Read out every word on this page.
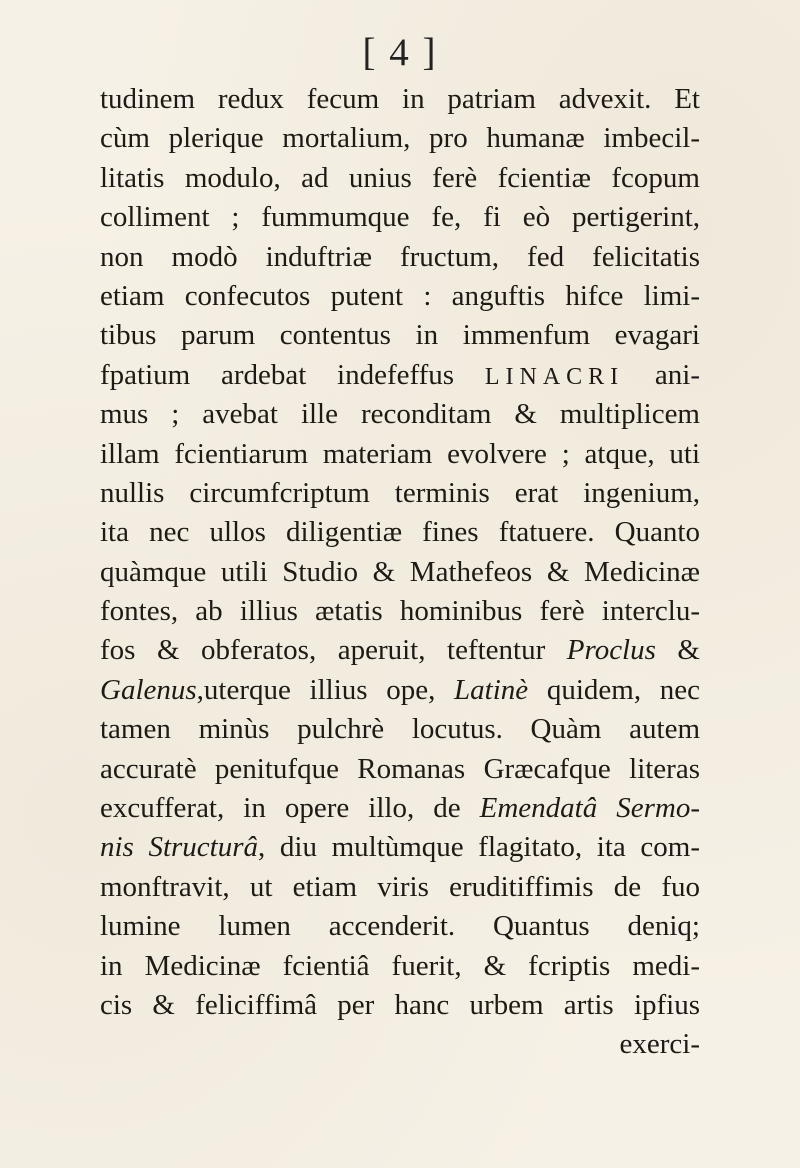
[ 4 ]
tudinem redux fecum in patriam advexit. Et
cùm plerique mortalium, pro humanæ imbecil-
litatis modulo, ad unius ferè fcientiæ fcopum
colliment ; fummumque fe, fi eò pertigerint,
non modò induftriæ fructum, fed felicitatis
etiam confecutos putent : anguftis hifce limi-
tibus parum contentus in immenfum evagari
fpatium ardebat indefeffus LINACRI ani-
mus ; avebat ille reconditam & multiplicem
illam fcientiarum materiam evolvere ; atque, uti
nullis circumfcriptum terminis erat ingenium,
ita nec ullos diligentiæ fines ftatuere. Quanto
quàmque utili Studio & Mathefeos & Medicinæ
fontes, ab illius ætatis hominibus ferè interclu-
fos & obferatos, aperuit, teftentur Proclus &
Galenus,uterque illius ope, Latinè quidem, nec
tamen minùs pulchrè locutus. Quàm autem
accuratè penitufque Romanas Græcafque literas
excufferat, in opere illo, de Emendatâ Sermo-
nis Structurâ, diu multùmque flagitato, ita com-
monftravit, ut etiam viris eruditiffimis de fuo
lumine lumen accenderit. Quantus deniq;
in Medicinæ fcientiâ fuerit, & fcriptis medi-
cis & feliciffimâ per hanc urbem artis ipfius
exerci-
